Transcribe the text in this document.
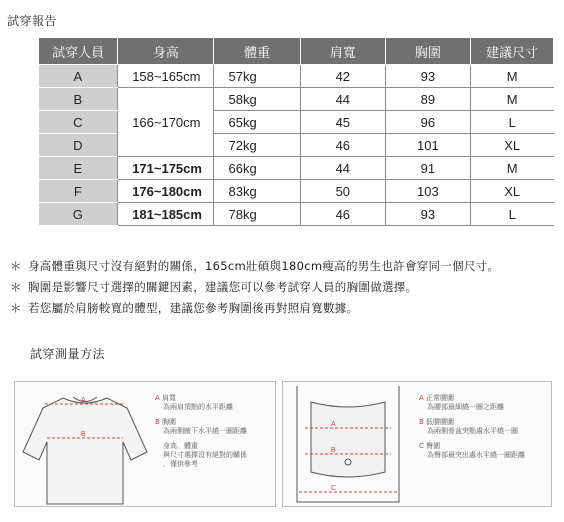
試穿報告
試穿人員	身高	體重	肩寬	胸圍	建議尺寸
A	158~165cm	57kg	42	93	M
B	166~170cm	58kg	44	89	M
C		65kg	45	96	L
D		72kg	46	101	XL
E	171~175cm	66kg	44	91	M
F	176~180cm	83kg	50	103	XL
G	181~185cm	78kg	46	93	L
＊ 身高體重與尺寸沒有絕對的關係，165cm壯碩與180cm瘦高的男生也許會穿同一個尺寸。
＊ 胸圍是影響尺寸選擇的關鍵因素，建議您可以參考試穿人員的胸圍做選擇。
＊ 若您屬於肩膀較寬的體型，建議您參考胸圍後再對照肩寬數據。
試穿測量方法
A
B
A 肩寬
為兩肩頂點的水平距離
B 胸圍
為兩側腋下水平繞一圈距離
身高．體重
與尺寸選擇沒有絕對的關係
．僅供參考
A
B
C
A 正常腰圍
為腰部最細繞一圈之距離
B 低腰腰圍
為兩側骨盆突點處水平繞一圈
C 臀圍
為臀部最突出處水平繞一圈距離
